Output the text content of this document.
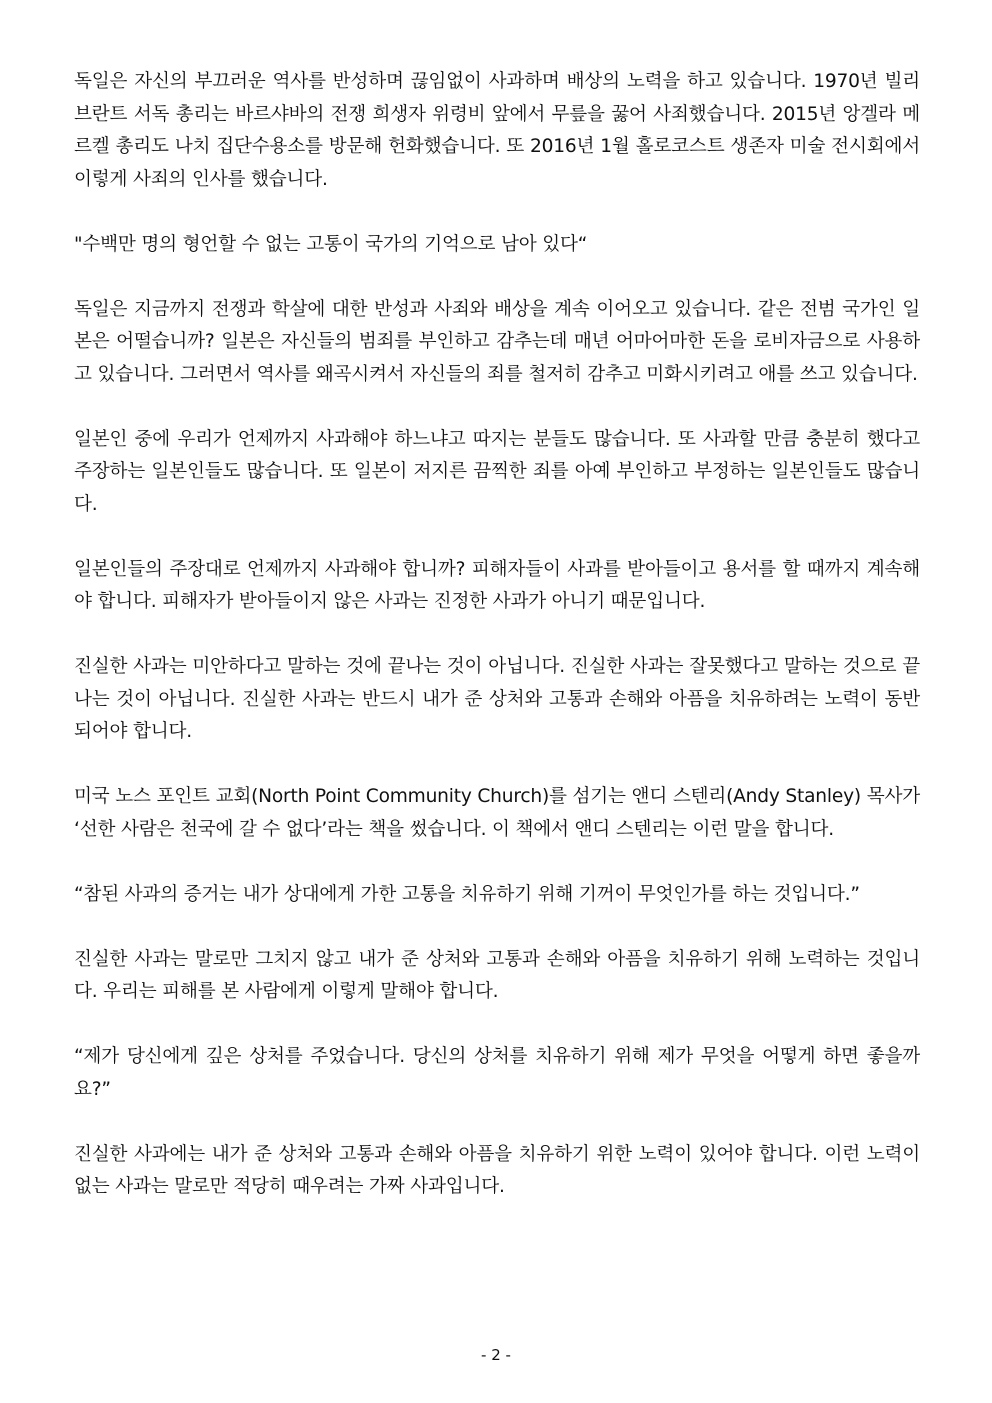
독일은 자신의 부끄러운 역사를 반성하며 끊임없이 사과하며 배상의 노력을 하고 있습니다. 1970년 빌리 브란트 서독 총리는 바르샤바의 전쟁 희생자 위령비 앞에서 무릎을 꿇어 사죄했습니다. 2015년 앙겔라 메르켈 총리도 나치 집단수용소를 방문해 헌화했습니다. 또 2016년 1월 홀로코스트 생존자 미술 전시회에서 이렇게 사죄의 인사를 했습니다.

"수백만 명의 형언할 수 없는 고통이 국가의 기억으로 남아 있다“

독일은 지금까지 전쟁과 학살에 대한 반성과 사죄와 배상을 계속 이어오고 있습니다. 같은 전범 국가인 일본은 어떨습니까? 일본은 자신들의 범죄를 부인하고 감추는데 매년 어마어마한 돈을 로비자금으로 사용하고 있습니다. 그러면서 역사를 왜곡시켜서 자신들의 죄를 철저히 감추고 미화시키려고 애를 쓰고 있습니다.

일본인 중에 우리가 언제까지 사과해야 하느냐고 따지는 분들도 많습니다. 또 사과할 만큼 충분히 했다고 주장하는 일본인들도 많습니다. 또 일본이 저지른 끔찍한 죄를 아예 부인하고 부정하는 일본인들도 많습니다.

일본인들의 주장대로 언제까지 사과해야 합니까? 피해자들이 사과를 받아들이고 용서를 할 때까지 계속해야 합니다. 피해자가 받아들이지 않은 사과는 진정한 사과가 아니기 때문입니다.

진실한 사과는 미안하다고 말하는 것에 끝나는 것이 아닙니다. 진실한 사과는 잘못했다고 말하는 것으로 끝나는 것이 아닙니다. 진실한 사과는 반드시 내가 준 상처와 고통과 손해와 아픔을 치유하려는 노력이 동반되어야 합니다.

미국 노스 포인트 교회(North Point Community Church)를 섬기는 앤디 스텐리(Andy Stanley) 목사가 ‘선한 사람은 천국에 갈 수 없다’라는 책을 썼습니다. 이 책에서 앤디 스텐리는 이런 말을 합니다.

“참된 사과의 증거는 내가 상대에게 가한 고통을 치유하기 위해 기꺼이 무엇인가를 하는 것입니다.”

진실한 사과는 말로만 그치지 않고 내가 준 상처와 고통과 손해와 아픔을 치유하기 위해 노력하는 것입니다. 우리는 피해를 본 사람에게 이렇게 말해야 합니다.

“제가 당신에게 깊은 상처를 주었습니다. 당신의 상처를 치유하기 위해 제가 무엇을 어떻게 하면 좋을까요?”

진실한 사과에는 내가 준 상처와 고통과 손해와 아픔을 치유하기 위한 노력이 있어야 합니다. 이런 노력이 없는 사과는 말로만 적당히 때우려는 가짜 사과입니다.

- 2 -
